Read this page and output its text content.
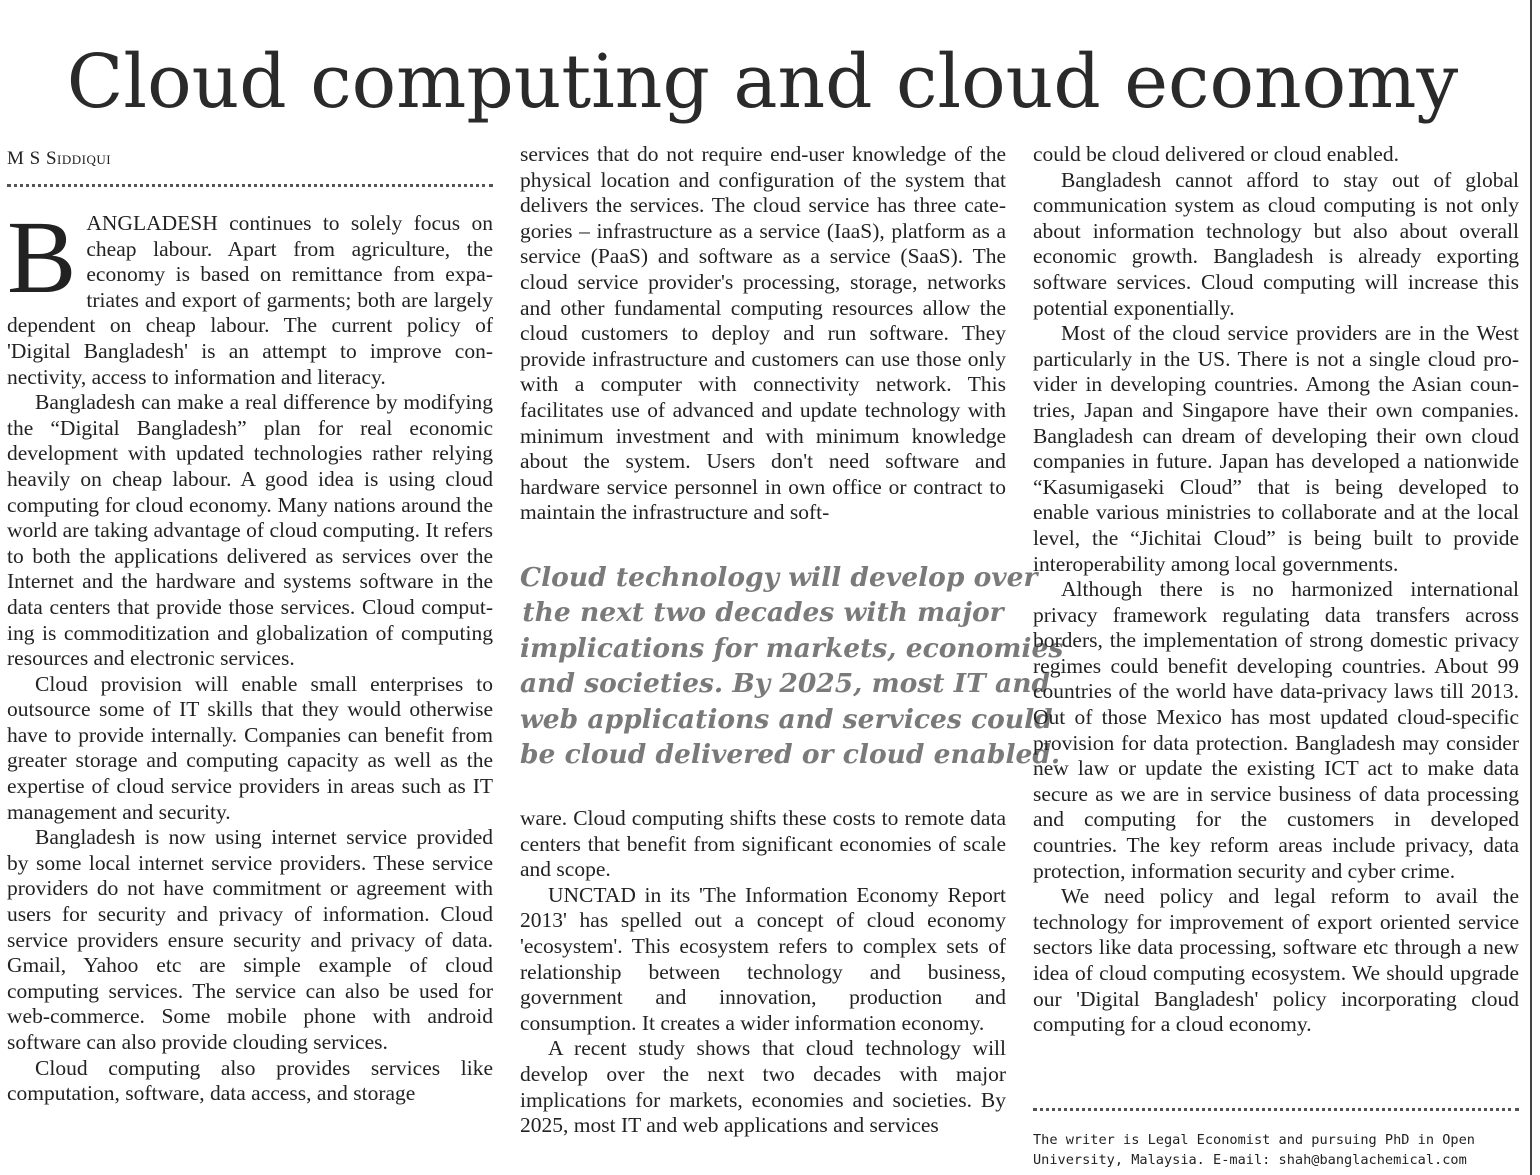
Cloud computing and cloud economy
M S Siddiqui

BANGLADESH continues to solely focus on cheap labour. Apart from agriculture, the economy is based on remittance from expatriates and export of garments; both are largely dependent on cheap labour. The current policy of 'Digital Bangladesh' is an attempt to improve connectivity, access to information and literacy.

Bangladesh can make a real difference by modifying the “Digital Bangladesh” plan for real economic development with updated technologies rather relying heavily on cheap labour. A good idea is using cloud computing for cloud economy. Many nations around the world are taking advantage of cloud computing. It refers to both the applications delivered as services over the Internet and the hardware and systems software in the data centers that provide those services. Cloud computing is commoditization and globalization of computing resources and electronic services.

Cloud provision will enable small enterprises to outsource some of IT skills that they would otherwise have to provide internally. Companies can benefit from greater storage and computing capacity as well as the expertise of cloud service providers in areas such as IT management and security.

Bangladesh is now using internet service provided by some local internet service providers. These service providers do not have commitment or agreement with users for security and privacy of information. Cloud service providers ensure security and privacy of data. Gmail, Yahoo etc are simple example of cloud computing services. The service can also be used for web-commerce. Some mobile phone with android software can also provide clouding services.

Cloud computing also provides services like computation, software, data access, and storage

services that do not require end-user knowledge of the physical location and configuration of the system that delivers the services. The cloud service has three categories – infrastructure as a service (IaaS), platform as a service (PaaS) and software as a service (SaaS). The cloud service provider's processing, storage, networks and other fundamental computing resources allow the cloud customers to deploy and run software. They provide infrastructure and customers can use those only with a computer with connectivity network. This facilitates use of advanced and update technology with minimum investment and with minimum knowledge about the system. Users don't need software and hardware service personnel in own office or contract to maintain the infrastructure and soft-

Cloud technology will develop over
the next two decades with major
implications for markets, economies
and societies. By 2025, most IT and
web applications and services could
be cloud delivered or cloud enabled.

ware. Cloud computing shifts these costs to remote data centers that benefit from significant economies of scale and scope.

UNCTAD in its 'The Information Economy Report 2013' has spelled out a concept of cloud economy 'ecosystem'. This ecosystem refers to complex sets of relationship between technology and business, government and innovation, production and consumption. It creates a wider information economy.

A recent study shows that cloud technology will develop over the next two decades with major implications for markets, economies and societies. By 2025, most IT and web applications and services

could be cloud delivered or cloud enabled.

Bangladesh cannot afford to stay out of global communication system as cloud computing is not only about information technology but also about overall economic growth. Bangladesh is already exporting software services. Cloud computing will increase this potential exponentially.

Most of the cloud service providers are in the West particularly in the US. There is not a single cloud provider in developing countries. Among the Asian countries, Japan and Singapore have their own companies. Bangladesh can dream of developing their own cloud companies in future. Japan has developed a nationwide “Kasumigaseki Cloud” that is being developed to enable various ministries to collaborate and at the local level, the “Jichitai Cloud” is being built to provide interoperability among local governments.

Although there is no harmonized international privacy framework regulating data transfers across borders, the implementation of strong domestic privacy regimes could benefit developing countries. About 99 countries of the world have data-privacy laws till 2013. Out of those Mexico has most updated cloud-specific provision for data protection. Bangladesh may consider new law or update the existing ICT act to make data secure as we are in service business of data processing and computing for the customers in developed countries. The key reform areas include privacy, data protection, information security and cyber crime.

We need policy and legal reform to avail the technology for improvement of export oriented service sectors like data processing, software etc through a new idea of cloud computing ecosystem. We should upgrade our 'Digital Bangladesh' policy incorporating cloud computing for a cloud economy.

The writer is Legal Economist and pursuing PhD in Open University, Malaysia. E-mail: shah@banglachemical.com
